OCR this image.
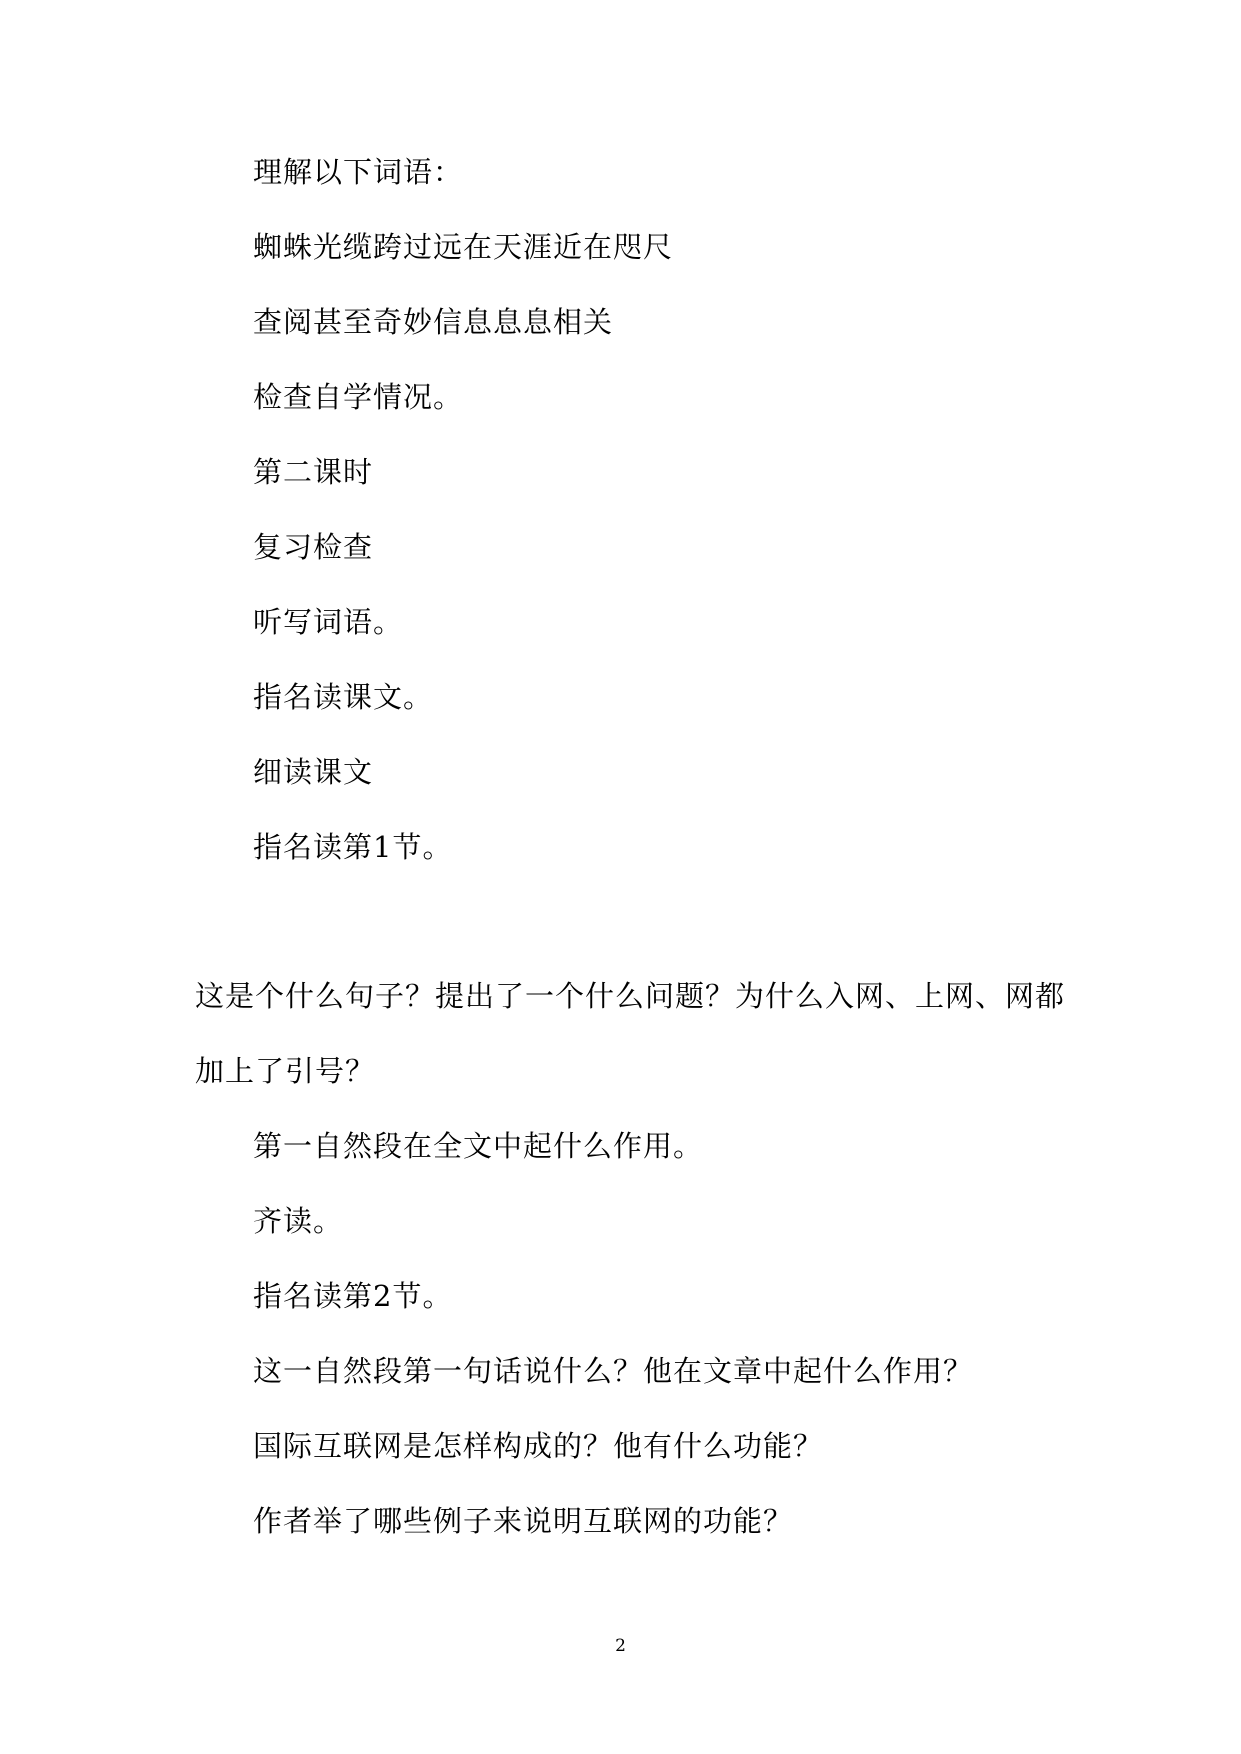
理解以下词语：
蜘蛛光缆跨过远在天涯近在咫尺
查阅甚至奇妙信息息息相关
检查自学情况。
第二课时
复习检查
听写词语。
指名读课文。
细读课文
指名读第1节。
这是个什么句子？提出了一个什么问题？为什么入网、上网、网都
加上了引号？
第一自然段在全文中起什么作用。
齐读。
指名读第2节。
这一自然段第一句话说什么？他在文章中起什么作用？
国际互联网是怎样构成的？他有什么功能？
作者举了哪些例子来说明互联网的功能？
2
